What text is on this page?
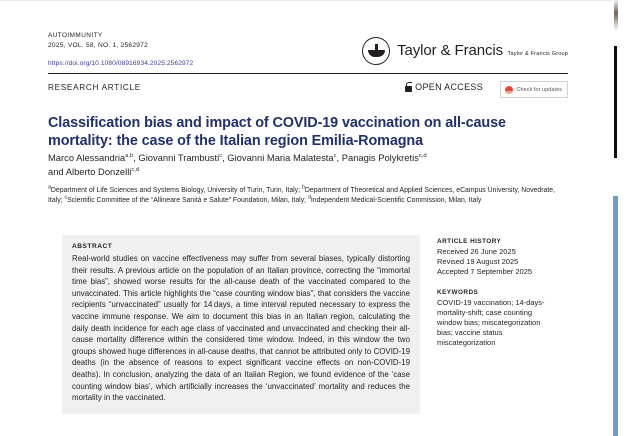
AUTOIMMUNITY
2025, VOL. 58, NO. 1, 2562972
https://doi.org/10.1080/08916934.2025.2562972
Taylor & Francis Taylor & Francis Group
RESEARCH ARTICLE	OPEN ACCESS	Check for updates
Classification bias and impact of COVID-19 vaccination on all-cause mortality: the case of the Italian region Emilia-Romagna
Marco Alessandria$^{a,b}$, Giovanni Trambusti$^c$, Giovanni Maria Malatesta$^c$, Panagis Polykretis$^{c,d}$
and Alberto Donzelli$^{c,d}$
$^a$Department of Life Sciences and Systems Biology, University of Turin, Turin, Italy; $^b$Department of Theoretical and Applied Sciences, eCampus University, Novedrate, Italy; $^c$Scientific Committee of the “Allineare Sanità e Salute” Foundation, Milan, Italy; $^d$Independent Medical-Scientific Commission, Milan, Italy
ABSTRACT
Real-world studies on vaccine effectiveness may suffer from several biases, typically distorting their results. A previous article on the population of an Italian province, correcting the “immortal time bias”, showed worse results for the all-cause death of the vaccinated compared to the unvaccinated. This article highlights the “case counting window bias”, that considers the vaccine recipients “unvaccinated” usually for 14 days, a time interval reputed necessary to express the vaccine immune response. We aim to document this bias in an Italian region, calculating the daily death incidence for each age class of vaccinated and unvaccinated and checking their all-cause mortality difference within the considered time window. Indeed, in this window the two groups showed huge differences in all-cause deaths, that cannot be attributed only to COVID-19 deaths (in the absence of reasons to expect significant vaccine effects on non-COVID-19 deaths). In conclusion, analyzing the data of an Italian Region, we found evidence of the ‘case counting window bias’, which artificially increases the ‘unvaccinated’ mortality and reduces the mortality in the vaccinated.
ARTICLE HISTORY
Received 26 June 2025
Revised 19 August 2025
Accepted 7 September 2025
KEYWORDS
COVID-19 vaccination; 14-days-mortality-shift; case counting window bias; miscategorization bias; vaccine status miscategorization
